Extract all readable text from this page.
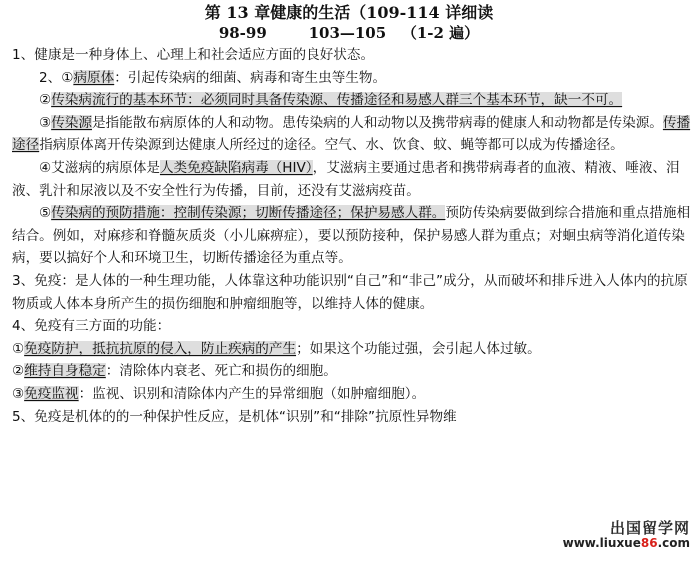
第 13 章健康的生活（109-114 详细读
98-99        103—105   （1-2 遍）

1、健康是一种身体上、心理上和社会适应方面的良好状态。

2、①病原体：引起传染病的细菌、病毒和寄生虫等生物。

②传染病流行的基本环节：必须同时具备传染源、传播途径和易感人群三个基本环节，缺一不可。

③传染源是指能散布病原体的人和动物。患传染病的人和动物以及携带病毒的健康人和动物都是传染源。传播途径指病原体离开传染源到达健康人所经过的途径。空气、水、饮食、蚊、蝇等都可以成为传播途径。

④艾滋病的病原体是人类免疫缺陷病毒（HIV），艾滋病主要通过患者和携带病毒者的血液、精液、唾液、泪液、乳汁和尿液以及不安全性行为传播，目前，还没有艾滋病疫苗。

⑤传染病的预防措施：控制传染源；切断传播途径；保护易感人群。预防传染病要做到综合措施和重点措施相结合。例如，对麻疹和脊髓灰质炎（小儿麻痹症），要以预防接种，保护易感人群为重点；对蛔虫病等消化道传染病，要以搞好个人和环境卫生，切断传播途径为重点等。

3、免疫：是人体的一种生理功能，人体靠这种功能识别“自己”和“非己”成分，从而破坏和排斥进入人体内的抗原物质或人体本身所产生的损伤细胞和肿瘤细胞等，以维持人体的健康。

4、免疫有三方面的功能：

①免疫防护，抵抗抗原的侵入，防止疾病的产生；如果这个功能过强，会引起人体过敏。

②维持自身稳定：清除体内衰老、死亡和损伤的细胞。

③免疫监视：监视、识别和清除体内产生的异常细胞（如肿瘤细胞）。

5、免疫是机体的的一种保护性反应，是机体“识别”和“排除”抗原性异物维

出国留学网
www.liuxue86.com
